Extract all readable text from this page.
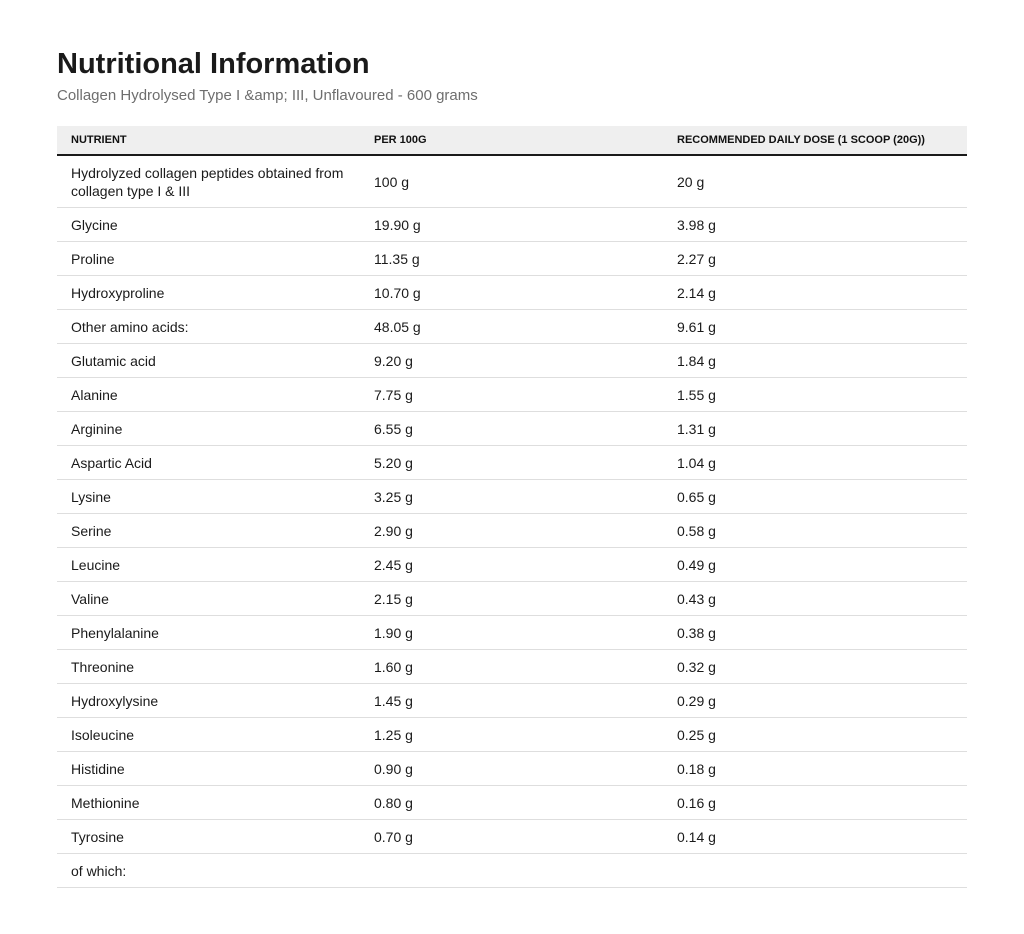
Nutritional Information

Collagen Hydrolysed Type I &amp; III, Unflavoured - 600 grams

NUTRIENT	PER 100G	RECOMMENDED DAILY DOSE (1 SCOOP (20G))
Hydrolyzed collagen peptides obtained from collagen type I & III	100 g	20 g
Glycine	19.90 g	3.98 g
Proline	11.35 g	2.27 g
Hydroxyproline	10.70 g	2.14 g
Other amino acids:	48.05 g	9.61 g
Glutamic acid	9.20 g	1.84 g
Alanine	7.75 g	1.55 g
Arginine	6.55 g	1.31 g
Aspartic Acid	5.20 g	1.04 g
Lysine	3.25 g	0.65 g
Serine	2.90 g	0.58 g
Leucine	2.45 g	0.49 g
Valine	2.15 g	0.43 g
Phenylalanine	1.90 g	0.38 g
Threonine	1.60 g	0.32 g
Hydroxylysine	1.45 g	0.29 g
Isoleucine	1.25 g	0.25 g
Histidine	0.90 g	0.18 g
Methionine	0.80 g	0.16 g
Tyrosine	0.70 g	0.14 g
of which:		
